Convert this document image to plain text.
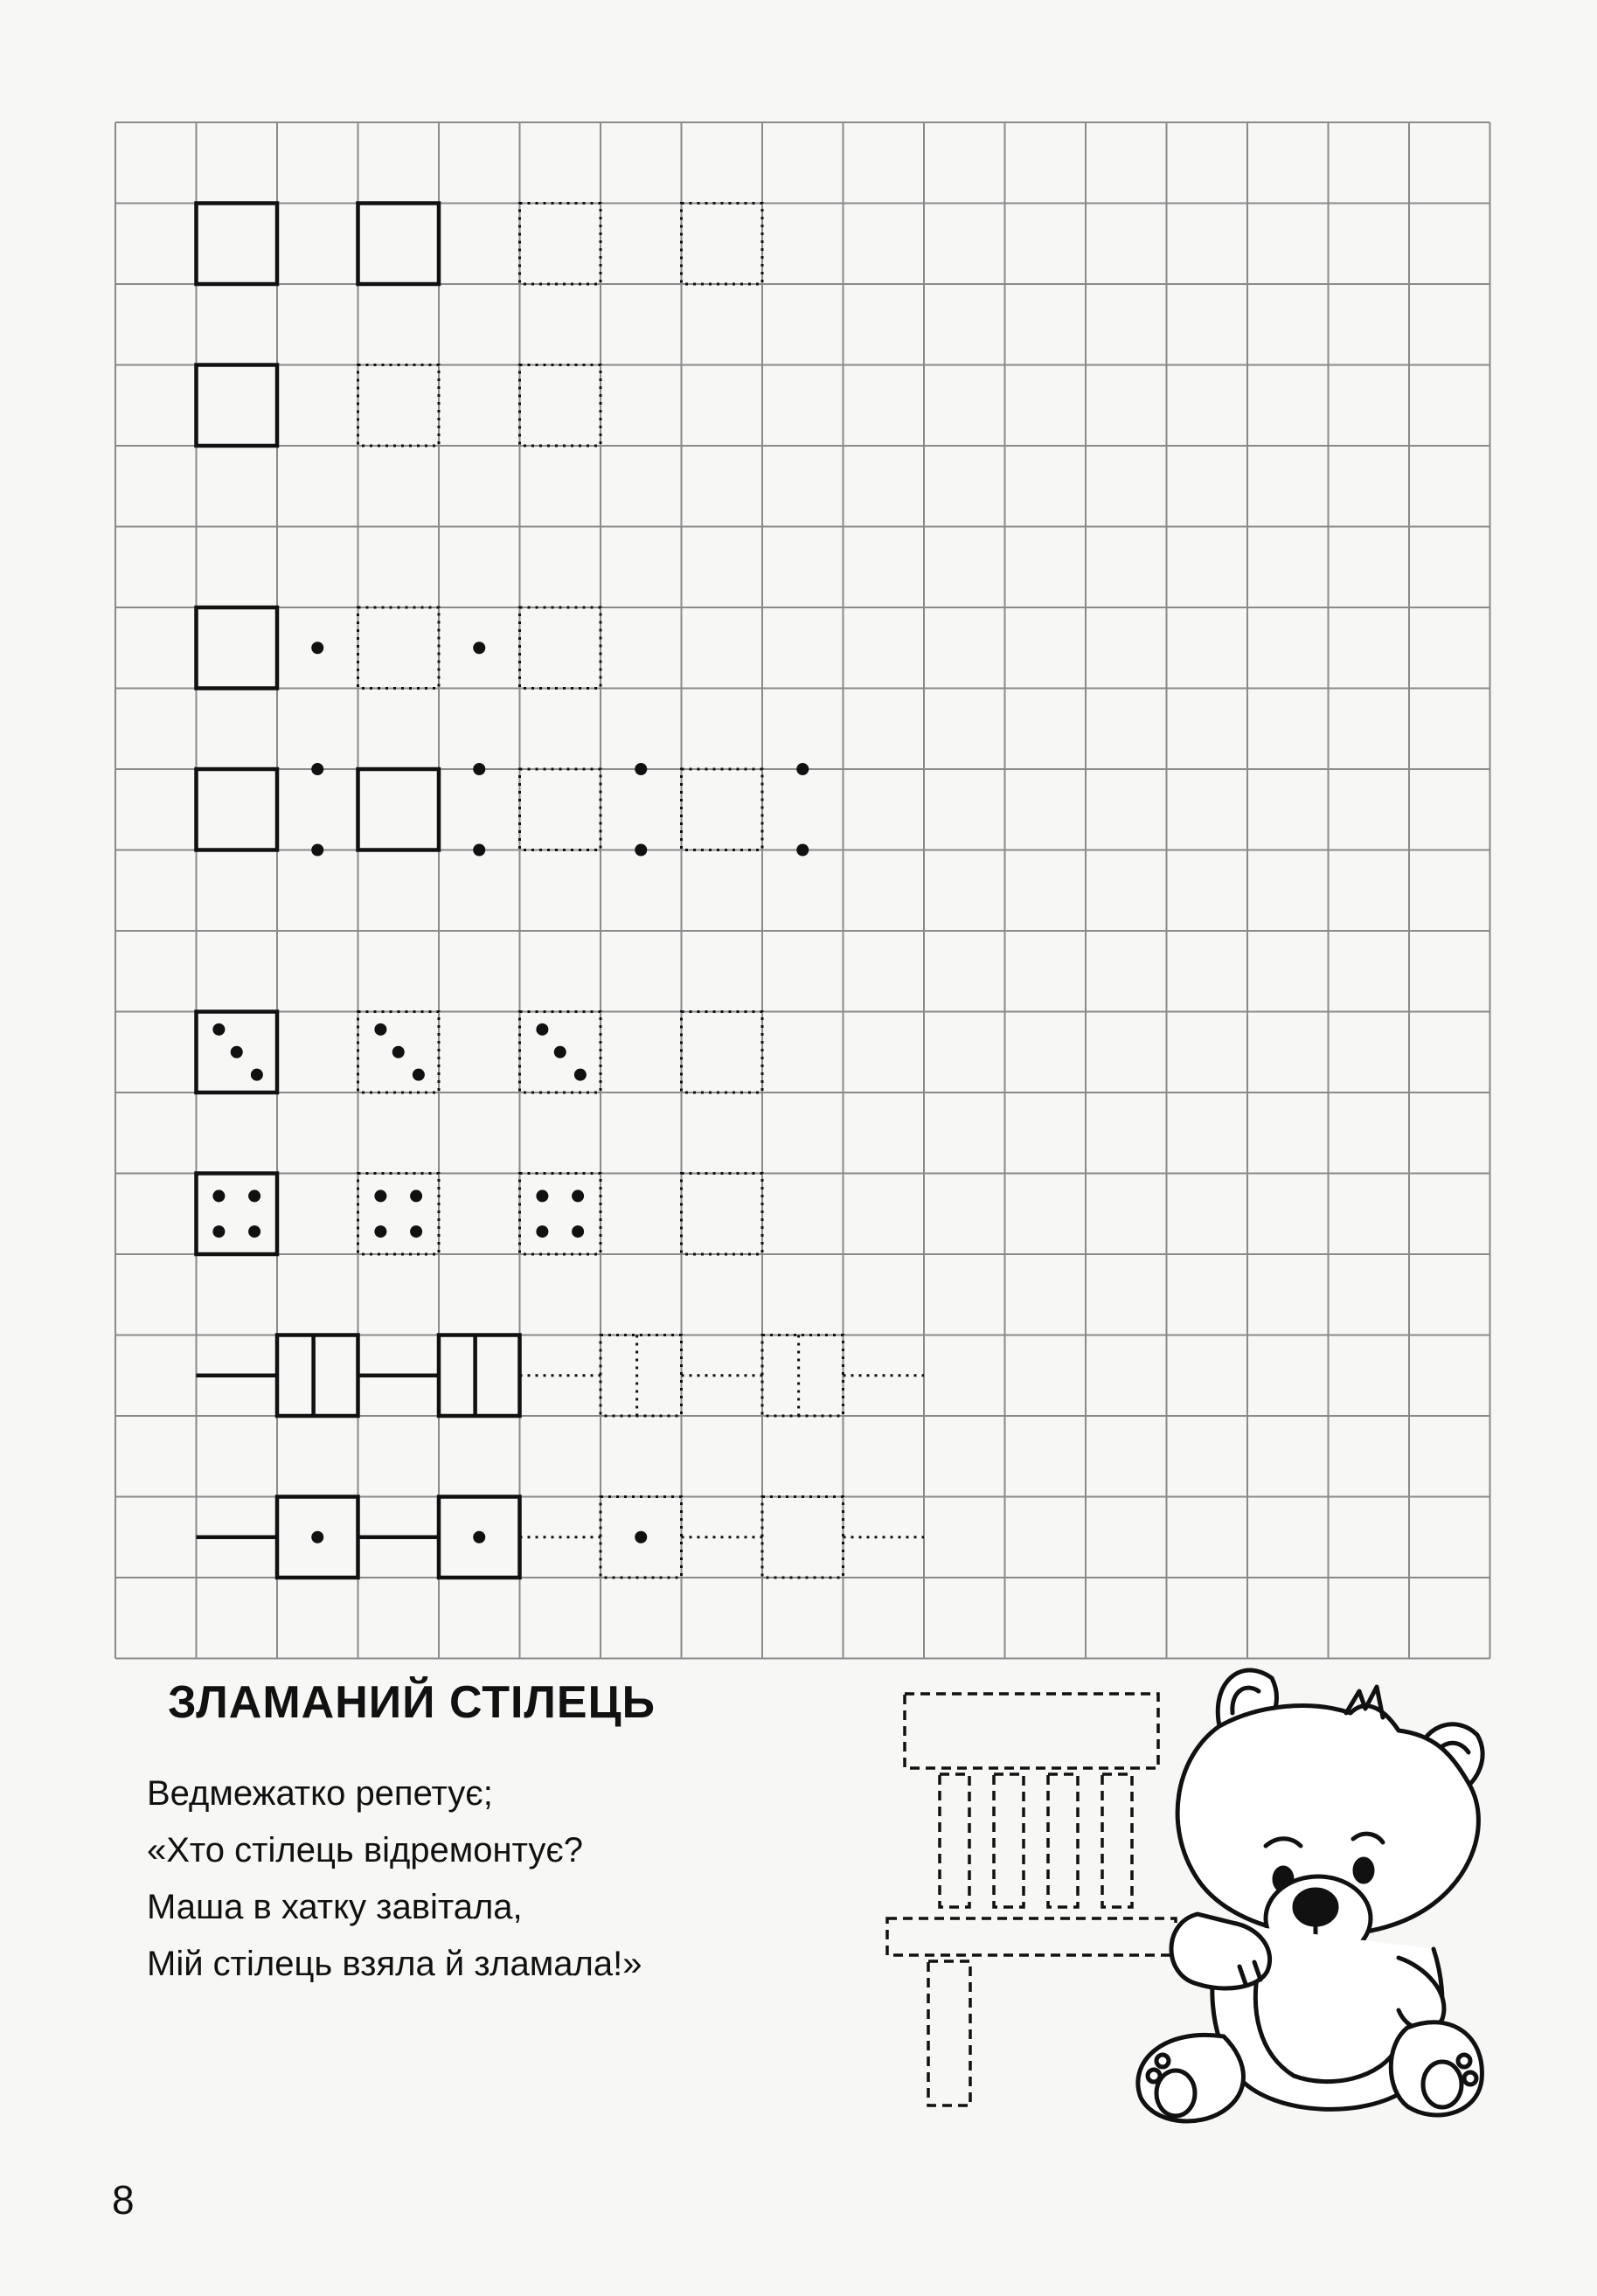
ЗЛАМАНИЙ СТІЛЕЦЬ
Ведмежатко репетує;
«Хто стілець відремонтує?
Маша в хатку завітала,
Мій стілець взяла й зламала!»
8
